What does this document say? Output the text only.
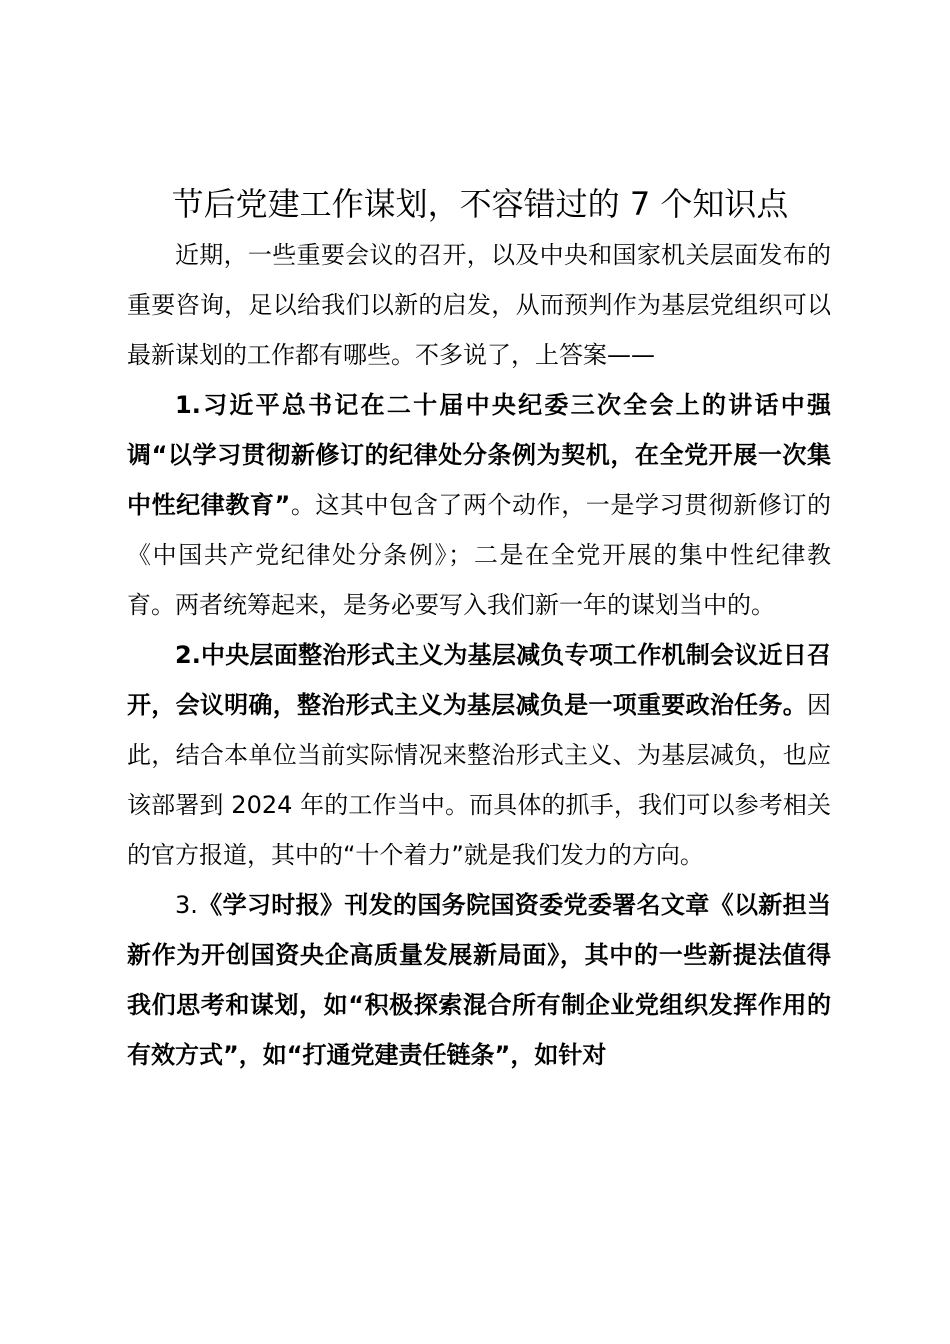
节后党建工作谋划，不容错过的 7 个知识点

近期，一些重要会议的召开，以及中央和国家机关层面发布的重要咨询，足以给我们以新的启发，从而预判作为基层党组织可以最新谋划的工作都有哪些。不多说了，上答案——

1.习近平总书记在二十届中央纪委三次全会上的讲话中强调“以学习贯彻新修订的纪律处分条例为契机，在全党开展一次集中性纪律教育”。这其中包含了两个动作，一是学习贯彻新修订的《中国共产党纪律处分条例》；二是在全党开展的集中性纪律教育。两者统筹起来，是务必要写入我们新一年的谋划当中的。

2.中央层面整治形式主义为基层减负专项工作机制会议近日召开，会议明确，整治形式主义为基层减负是一项重要政治任务。因此，结合本单位当前实际情况来整治形式主义、为基层减负，也应该部署到 2024 年的工作当中。而具体的抓手，我们可以参考相关的官方报道，其中的“十个着力”就是我们发力的方向。

3.《学习时报》刊发的国务院国资委党委署名文章《以新担当新作为开创国资央企高质量发展新局面》，其中的一些新提法值得我们思考和谋划，如“积极探索混合所有制企业党组织发挥作用的有效方式”，如“打通党建责任链条”，如针对
